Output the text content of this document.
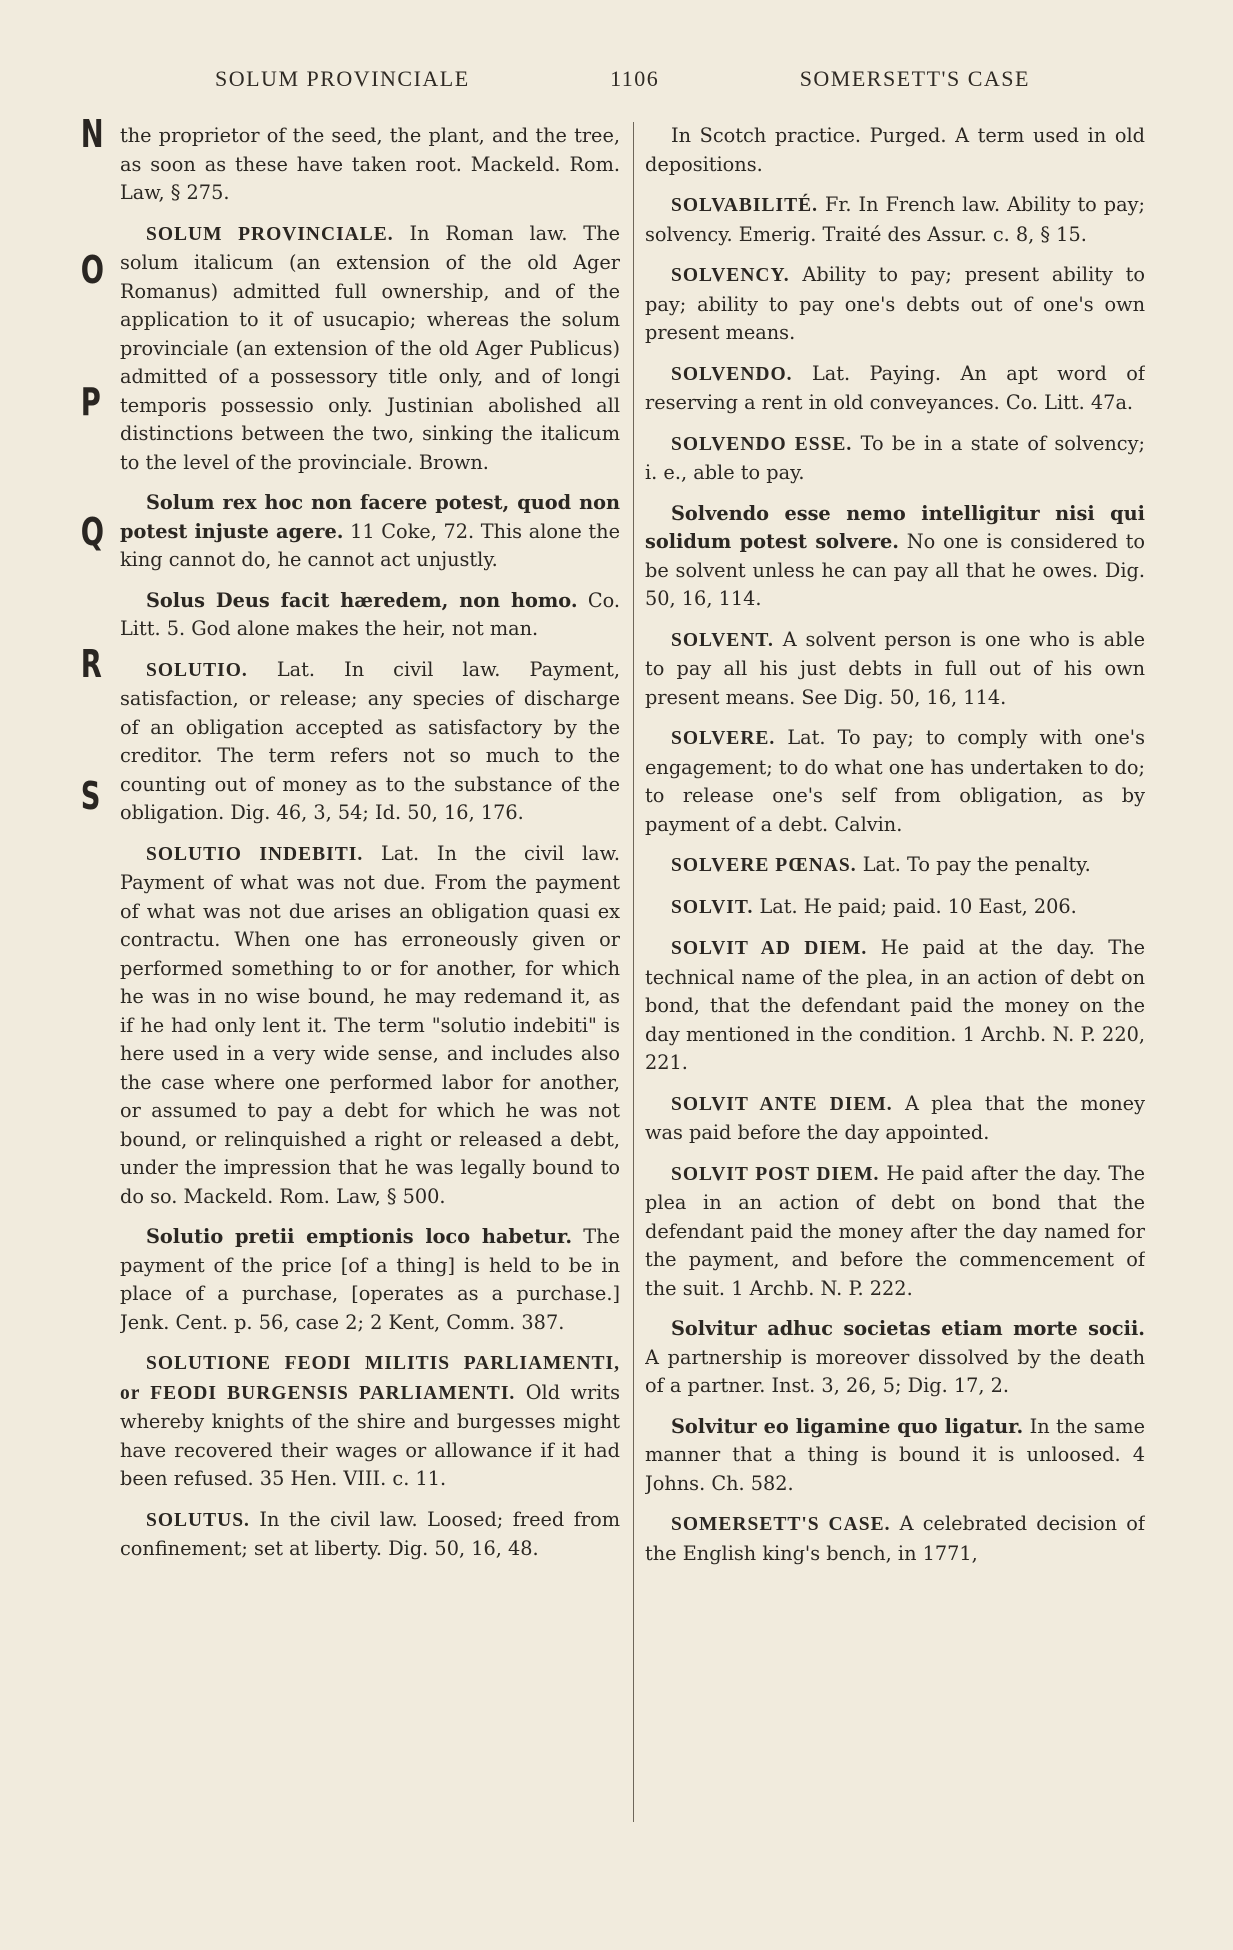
SOLUM PROVINCIALE	1106	SOMERSETT'S CASE
N
O
P
Q
R
S

the proprietor of the seed, the plant, and the tree, as soon as these have taken root. Mackeld. Rom. Law, § 275.

SOLUM PROVINCIALE. In Roman law. The solum italicum (an extension of the old Ager Romanus) admitted full ownership, and of the application to it of usucapio; whereas the solum provinciale (an extension of the old Ager Publicus) admitted of a possessory title only, and of longi temporis possessio only. Justinian abolished all distinctions between the two, sinking the italicum to the level of the provinciale. Brown.

Solum rex hoc non facere potest, quod non potest injuste agere. 11 Coke, 72. This alone the king cannot do, he cannot act unjustly.

Solus Deus facit hæredem, non homo. Co. Litt. 5. God alone makes the heir, not man.

SOLUTIO. Lat. In civil law. Payment, satisfaction, or release; any species of discharge of an obligation accepted as satisfactory by the creditor. The term refers not so much to the counting out of money as to the substance of the obligation. Dig. 46, 3, 54; Id. 50, 16, 176.

SOLUTIO INDEBITI. Lat. In the civil law. Payment of what was not due. From the payment of what was not due arises an obligation quasi ex contractu. When one has erroneously given or performed something to or for another, for which he was in no wise bound, he may redemand it, as if he had only lent it. The term "solutio indebiti" is here used in a very wide sense, and includes also the case where one performed labor for another, or assumed to pay a debt for which he was not bound, or relinquished a right or released a debt, under the impression that he was legally bound to do so. Mackeld. Rom. Law, § 500.

Solutio pretii emptionis loco habetur. The payment of the price [of a thing] is held to be in place of a purchase, [operates as a purchase.] Jenk. Cent. p. 56, case 2; 2 Kent, Comm. 387.

SOLUTIONE FEODI MILITIS PARLIAMENTI, or FEODI BURGENSIS PARLIAMENTI. Old writs whereby knights of the shire and burgesses might have recovered their wages or allowance if it had been refused. 35 Hen. VIII. c. 11.

SOLUTUS. In the civil law. Loosed; freed from confinement; set at liberty. Dig. 50, 16, 48.

In Scotch practice. Purged. A term used in old depositions.

SOLVABILITÉ. Fr. In French law. Ability to pay; solvency. Emerig. Traité des Assur. c. 8, § 15.

SOLVENCY. Ability to pay; present ability to pay; ability to pay one's debts out of one's own present means.

SOLVENDO. Lat. Paying. An apt word of reserving a rent in old conveyances. Co. Litt. 47a.

SOLVENDO ESSE. To be in a state of solvency; i. e., able to pay.

Solvendo esse nemo intelligitur nisi qui solidum potest solvere. No one is considered to be solvent unless he can pay all that he owes. Dig. 50, 16, 114.

SOLVENT. A solvent person is one who is able to pay all his just debts in full out of his own present means. See Dig. 50, 16, 114.

SOLVERE. Lat. To pay; to comply with one's engagement; to do what one has undertaken to do; to release one's self from obligation, as by payment of a debt. Calvin.

SOLVERE PŒNAS. Lat. To pay the penalty.

SOLVIT. Lat. He paid; paid. 10 East, 206.

SOLVIT AD DIEM. He paid at the day. The technical name of the plea, in an action of debt on bond, that the defendant paid the money on the day mentioned in the condition. 1 Archb. N. P. 220, 221.

SOLVIT ANTE DIEM. A plea that the money was paid before the day appointed.

SOLVIT POST DIEM. He paid after the day. The plea in an action of debt on bond that the defendant paid the money after the day named for the payment, and before the commencement of the suit. 1 Archb. N. P. 222.

Solvitur adhuc societas etiam morte socii. A partnership is moreover dissolved by the death of a partner. Inst. 3, 26, 5; Dig. 17, 2.

Solvitur eo ligamine quo ligatur. In the same manner that a thing is bound it is unloosed. 4 Johns. Ch. 582.

SOMERSETT'S CASE. A celebrated decision of the English king's bench, in 1771,
